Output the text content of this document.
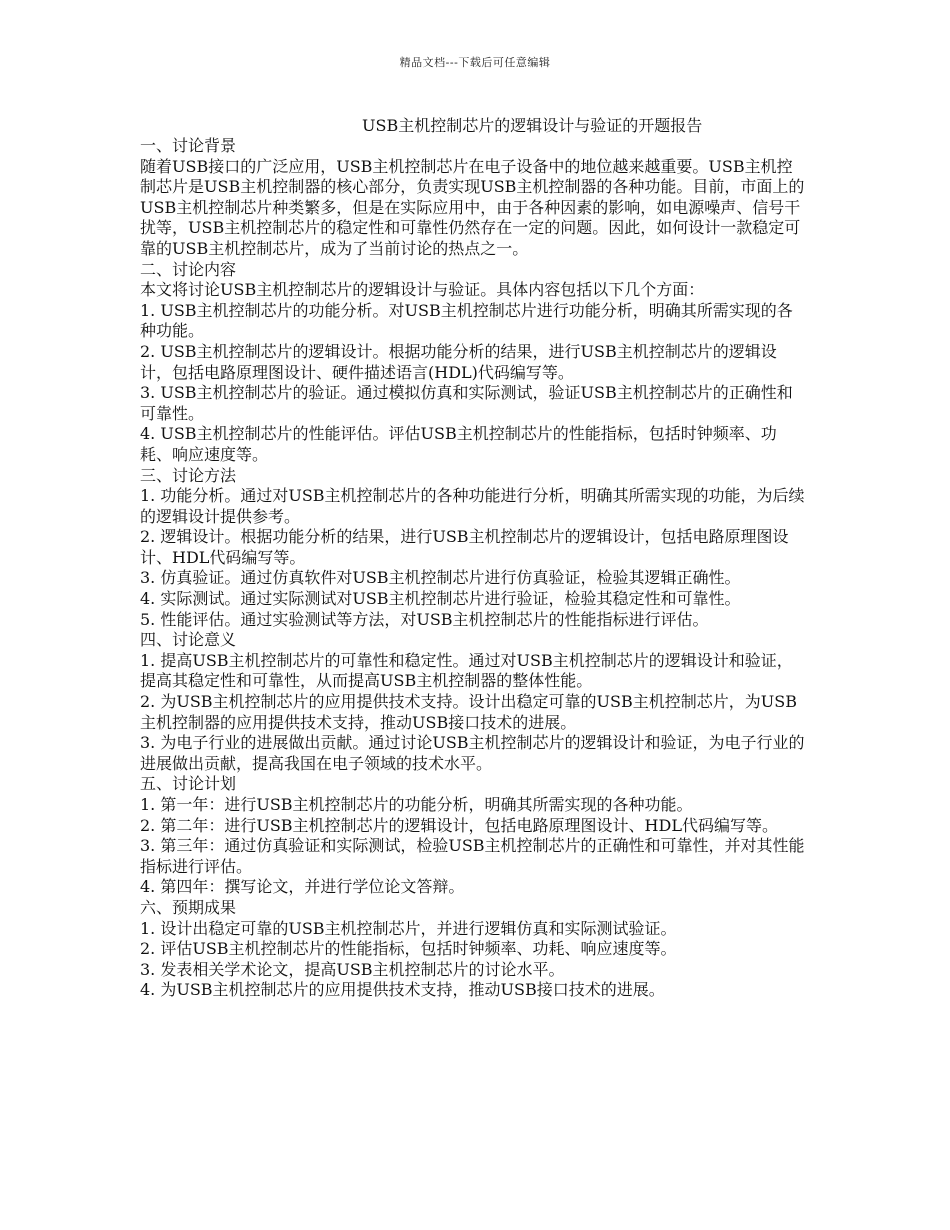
精品文档---下载后可任意编辑
USB主机控制芯片的逻辑设计与验证的开题报告

一、讨论背景

随着USB接口的广泛应用，USB主机控制芯片在电子设备中的地位越来越重要。USB主机控制芯片是USB主机控制器的核心部分，负责实现USB主机控制器的各种功能。目前，市面上的USB主机控制芯片种类繁多，但是在实际应用中，由于各种因素的影响，如电源噪声、信号干扰等，USB主机控制芯片的稳定性和可靠性仍然存在一定的问题。因此，如何设计一款稳定可靠的USB主机控制芯片，成为了当前讨论的热点之一。

二、讨论内容

本文将讨论USB主机控制芯片的逻辑设计与验证。具体内容包括以下几个方面：

1. USB主机控制芯片的功能分析。对USB主机控制芯片进行功能分析，明确其所需实现的各种功能。

2. USB主机控制芯片的逻辑设计。根据功能分析的结果，进行USB主机控制芯片的逻辑设计，包括电路原理图设计、硬件描述语言(HDL)代码编写等。

3. USB主机控制芯片的验证。通过模拟仿真和实际测试，验证USB主机控制芯片的正确性和可靠性。

4. USB主机控制芯片的性能评估。评估USB主机控制芯片的性能指标，包括时钟频率、功耗、响应速度等。

三、讨论方法

1. 功能分析。通过对USB主机控制芯片的各种功能进行分析，明确其所需实现的功能，为后续的逻辑设计提供参考。

2. 逻辑设计。根据功能分析的结果，进行USB主机控制芯片的逻辑设计，包括电路原理图设计、HDL代码编写等。

3. 仿真验证。通过仿真软件对USB主机控制芯片进行仿真验证，检验其逻辑正确性。

4. 实际测试。通过实际测试对USB主机控制芯片进行验证，检验其稳定性和可靠性。

5. 性能评估。通过实验测试等方法，对USB主机控制芯片的性能指标进行评估。

四、讨论意义

1. 提高USB主机控制芯片的可靠性和稳定性。通过对USB主机控制芯片的逻辑设计和验证，提高其稳定性和可靠性，从而提高USB主机控制器的整体性能。

2. 为USB主机控制芯片的应用提供技术支持。设计出稳定可靠的USB主机控制芯片，为USB主机控制器的应用提供技术支持，推动USB接口技术的进展。

3. 为电子行业的进展做出贡献。通过讨论USB主机控制芯片的逻辑设计和验证，为电子行业的进展做出贡献，提高我国在电子领域的技术水平。

五、讨论计划

1. 第一年：进行USB主机控制芯片的功能分析，明确其所需实现的各种功能。

2. 第二年：进行USB主机控制芯片的逻辑设计，包括电路原理图设计、HDL代码编写等。

3. 第三年：通过仿真验证和实际测试，检验USB主机控制芯片的正确性和可靠性，并对其性能指标进行评估。

4. 第四年：撰写论文，并进行学位论文答辩。

六、预期成果

1. 设计出稳定可靠的USB主机控制芯片，并进行逻辑仿真和实际测试验证。

2. 评估USB主机控制芯片的性能指标，包括时钟频率、功耗、响应速度等。

3. 发表相关学术论文，提高USB主机控制芯片的讨论水平。

4. 为USB主机控制芯片的应用提供技术支持，推动USB接口技术的进展。
